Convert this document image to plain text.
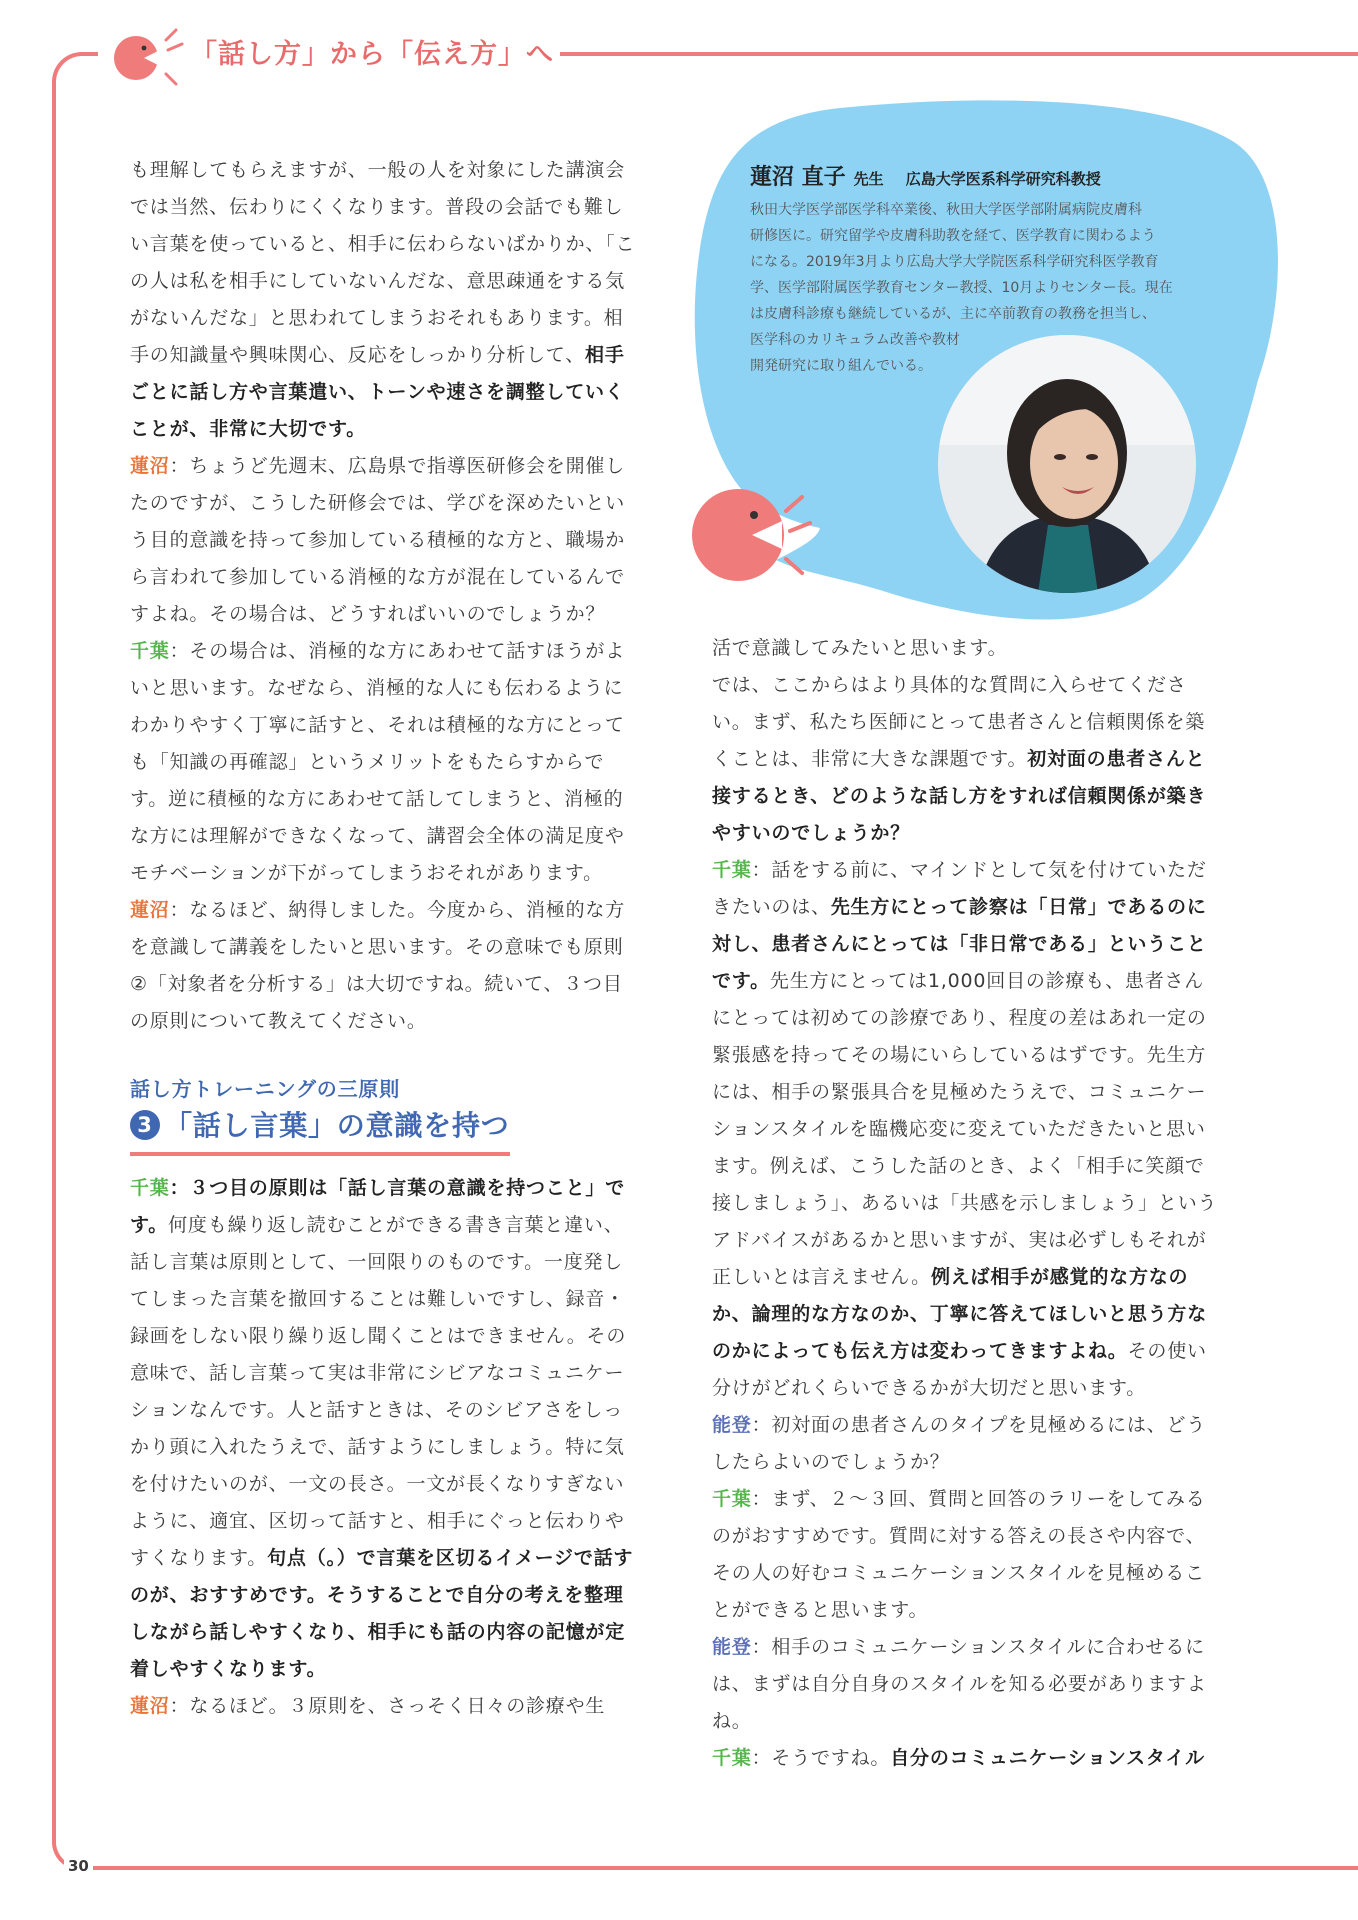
30
「話し方」から「伝え方」へ

も理解してもらえますが、一般の人を対象にした講演会では当然、伝わりにくくなります。普段の会話でも難しい言葉を使っていると、相手に伝わらないばかりか、「この人は私を相手にしていないんだな、意思疎通をする気がないんだな」と思われてしまうおそれもあります。相手の知識量や興味関心、反応をしっかり分析して、相手ごとに話し方や言葉遣い、トーンや速さを調整していくことが、非常に大切です。

蓮沼：ちょうど先週末、広島県で指導医研修会を開催したのですが、こうした研修会では、学びを深めたいという目的意識を持って参加している積極的な方と、職場から言われて参加している消極的な方が混在しているんですよね。その場合は、どうすればいいのでしょうか？

千葉：その場合は、消極的な方にあわせて話すほうがよいと思います。なぜなら、消極的な人にも伝わるようにわかりやすく丁寧に話すと、それは積極的な方にとっても「知識の再確認」というメリットをもたらすからです。逆に積極的な方にあわせて話してしまうと、消極的な方には理解ができなくなって、講習会全体の満足度やモチベーションが下がってしまうおそれがあります。

蓮沼：なるほど、納得しました。今度から、消極的な方を意識して講義をしたいと思います。その意味でも原則②「対象者を分析する」は大切ですね。続いて、３つ目の原則について教えてください。

話し方トレーニングの三原則
3 「話し言葉」の意識を持つ

千葉：３つ目の原則は「話し言葉の意識を持つこと」です。何度も繰り返し読むことができる書き言葉と違い、話し言葉は原則として、一回限りのものです。一度発してしまった言葉を撤回することは難しいですし、録音・録画をしない限り繰り返し聞くことはできません。その意味で、話し言葉って実は非常にシビアなコミュニケーションなんです。人と話すときは、そのシビアさをしっかり頭に入れたうえで、話すようにしましょう。特に気を付けたいのが、一文の長さ。一文が長くなりすぎないように、適宜、区切って話すと、相手にぐっと伝わりやすくなります。句点（。）で言葉を区切るイメージで話すのが、おすすめです。そうすることで自分の考えを整理しながら話しやすくなり、相手にも話の内容の記憶が定着しやすくなります。

蓮沼：なるほど。３原則を、さっそく日々の診療や生

蓮沼 直子 先生 広島大学医系科学研究科教授
秋田大学医学部医学科卒業後、秋田大学医学部附属病院皮膚科
研修医に。研究留学や皮膚科助教を経て、医学教育に関わるよう
になる。2019年3月より広島大学大学院医系科学研究科医学教育
学、医学部附属医学教育センター教授、10月よりセンター長。現在
は皮膚科診療も継続しているが、主に卒前教育の教務を担当し、
医学科のカリキュラム改善や教材
開発研究に取り組んでいる。

活で意識してみたいと思います。

では、ここからはより具体的な質問に入らせてください。まず、私たち医師にとって患者さんと信頼関係を築くことは、非常に大きな課題です。初対面の患者さんと接するとき、どのような話し方をすれば信頼関係が築きやすいのでしょうか？

千葉：話をする前に、マインドとして気を付けていただきたいのは、先生方にとって診察は「日常」であるのに対し、患者さんにとっては「非日常である」ということです。先生方にとっては1,000回目の診療も、患者さんにとっては初めての診療であり、程度の差はあれ一定の緊張感を持ってその場にいらしているはずです。先生方には、相手の緊張具合を見極めたうえで、コミュニケーションスタイルを臨機応変に変えていただきたいと思います。例えば、こうした話のとき、よく「相手に笑顔で接しましょう」、あるいは「共感を示しましょう」というアドバイスがあるかと思いますが、実は必ずしもそれが正しいとは言えません。例えば相手が感覚的な方なのか、論理的な方なのか、丁寧に答えてほしいと思う方なのかによっても伝え方は変わってきますよね。その使い分けがどれくらいできるかが大切だと思います。

能登：初対面の患者さんのタイプを見極めるには、どうしたらよいのでしょうか？

千葉：まず、２～３回、質問と回答のラリーをしてみるのがおすすめです。質問に対する答えの長さや内容で、その人の好むコミュニケーションスタイルを見極めることができると思います。

能登：相手のコミュニケーションスタイルに合わせるには、まずは自分自身のスタイルを知る必要がありますよね。

千葉：そうですね。自分のコミュニケーションスタイル
